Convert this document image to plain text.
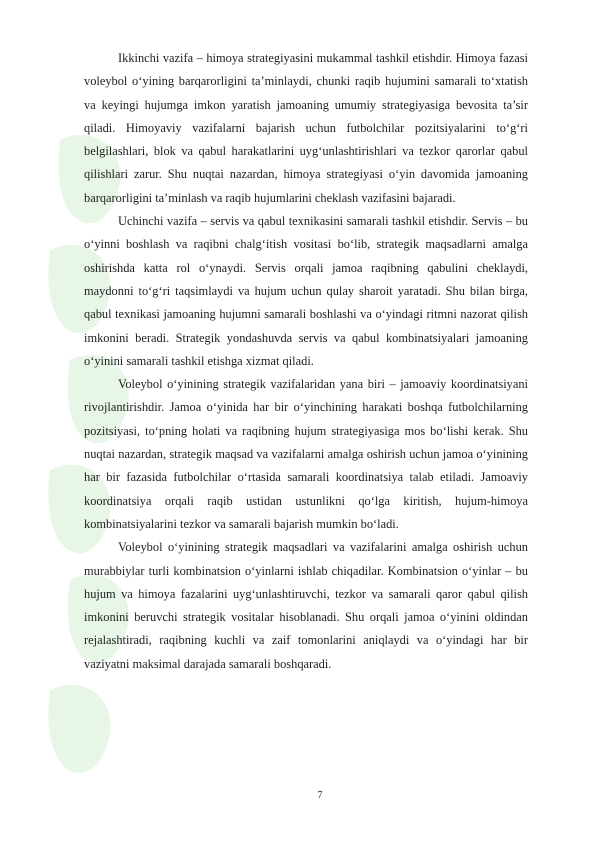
Ikkinchi vazifa – himoya strategiyasini mukammal tashkil etishdir. Himoya fazasi voleybol o‘yining barqarorligini ta’minlaydi, chunki raqib hujumini samarali to‘xtatish va keyingi hujumga imkon yaratish jamoaning umumiy strategiyasiga bevosita ta’sir qiladi. Himoyaviy vazifalarni bajarish uchun futbolchilar pozitsiyalarini to‘g‘ri belgilashlari, blok va qabul harakatlarini uyg‘unlashtirishlari va tezkor qarorlar qabul qilishlari zarur. Shu nuqtai nazardan, himoya strategiyasi o‘yin davomida jamoaning barqarorligini ta’minlash va raqib hujumlarini cheklash vazifasini bajaradi.

Uchinchi vazifa – servis va qabul texnikasini samarali tashkil etishdir. Servis – bu o‘yinni boshlash va raqibni chalg‘itish vositasi bo‘lib, strategik maqsadlarni amalga oshirishda katta rol o‘ynaydi. Servis orqali jamoa raqibning qabulini cheklaydi, maydonni to‘g‘ri taqsimlaydi va hujum uchun qulay sharoit yaratadi. Shu bilan birga, qabul texnikasi jamoaning hujumni samarali boshlashi va o‘yindagi ritmni nazorat qilish imkonini beradi. Strategik yondashuvda servis va qabul kombinatsiyalari jamoaning o‘yinini samarali tashkil etishga xizmat qiladi.

Voleybol o‘yinining strategik vazifalaridan yana biri – jamoaviy koordinatsiyani rivojlantirishdir. Jamoa o‘yinida har bir o‘yinchining harakati boshqa futbolchilarning pozitsiyasi, to‘pning holati va raqibning hujum strategiyasiga mos bo‘lishi kerak. Shu nuqtai nazardan, strategik maqsad va vazifalarni amalga oshirish uchun jamoa o‘yinining har bir fazasida futbolchilar o‘rtasida samarali koordinatsiya talab etiladi. Jamoaviy koordinatsiya orqali raqib ustidan ustunlikni qo‘lga kiritish, hujum-himoya kombinatsiyalarini tezkor va samarali bajarish mumkin bo‘ladi.

Voleybol o‘yinining strategik maqsadlari va vazifalarini amalga oshirish uchun murabbiylar turli kombinatsion o‘yinlarni ishlab chiqadilar. Kombinatsion o‘yinlar – bu hujum va himoya fazalarini uyg‘unlashtiruvchi, tezkor va samarali qaror qabul qilish imkonini beruvchi strategik vositalar hisoblanadi. Shu orqali jamoa o‘yinini oldindan rejalashtiradi, raqibning kuchli va zaif tomonlarini aniqlaydi va o‘yindagi har bir vaziyatni maksimal darajada samarali boshqaradi.

7
